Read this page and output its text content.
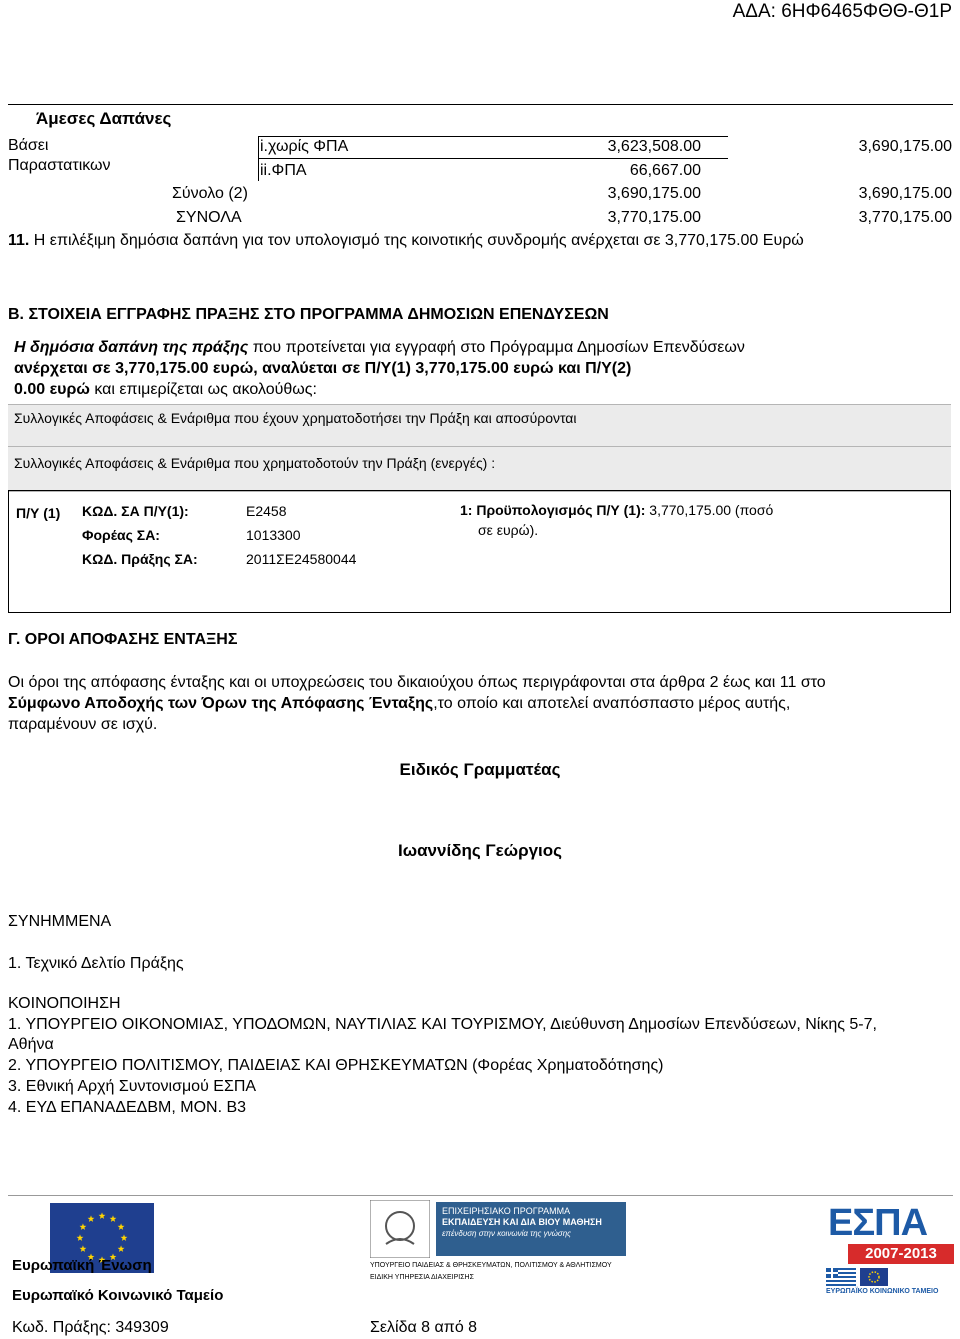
ΑΔΑ: 6ΗΦ6465ΦΘΘ-Θ1Ρ
Άμεσες Δαπάνες
Βάσει
Παραστατικων
i.χωρίς ΦΠΑ	3,623,508.00	3,690,175.00
ii.ΦΠΑ	66,667.00
Σύνολο (2)	3,690,175.00	3,690,175.00
ΣΥΝΟΛΑ	3,770,175.00	3,770,175.00
11. Η επιλέξιμη δημόσια δαπάνη για τον υπολογισμό της κοινοτικής συνδρομής ανέρχεται σε 3,770,175.00 Ευρώ
Β. ΣΤΟΙΧΕΙΑ ΕΓΓΡΑΦΗΣ ΠΡΑΞΗΣ ΣΤΟ ΠΡΟΓΡΑΜΜΑ ΔΗΜΟΣΙΩΝ ΕΠΕΝΔΥΣΕΩΝ
Η δημόσια δαπάνη της πράξης που προτείνεται για εγγραφή στο Πρόγραμμα Δημοσίων Επενδύσεων
ανέρχεται σε 3,770,175.00 ευρώ, αναλύεται σε Π/Υ(1) 3,770,175.00 ευρώ και Π/Υ(2)
0.00 ευρώ και επιμερίζεται ως ακολούθως:
Συλλογικές Αποφάσεις & Ενάριθμα που έχουν χρηματοδοτήσει την Πράξη και αποσύρονται
Συλλογικές Αποφάσεις & Ενάριθμα που χρηματοδοτούν την Πράξη (ενεργές) :
Π/Υ (1) ΚΩΔ. ΣΑ Π/Υ(1):	Ε2458
Φορέας ΣΑ:	1013300
ΚΩΔ. Πράξης ΣΑ:	2011ΣΕ24580044
1: Προϋπολογισμός Π/Υ (1): 3,770,175.00 (ποσό
σε ευρώ).
Γ. ΟΡΟΙ ΑΠΟΦΑΣΗΣ ΕΝΤΑΞΗΣ
Οι όροι της απόφασης ένταξης και οι υποχρεώσεις του δικαιούχου όπως περιγράφονται στα άρθρα 2 έως και 11 στο
Σύμφωνο Αποδοχής των Όρων της Απόφασης Ένταξης,το οποίο και αποτελεί αναπόσπαστο μέρος αυτής,
παραμένουν σε ισχύ.
Ειδικός Γραμματέας
Ιωαννίδης Γεώργιος
ΣΥΝΗΜΜΕΝΑ
1. Τεχνικό Δελτίο Πράξης
ΚΟΙΝΟΠΟΙΗΣΗ
1. ΥΠΟΥΡΓΕΙΟ ΟΙΚΟΝΟΜΙΑΣ, ΥΠΟΔΟΜΩΝ, ΝΑΥΤΙΛΙΑΣ ΚΑΙ ΤΟΥΡΙΣΜΟΥ, Διεύθυνση Δημοσίων Επενδύσεων, Νίκης 5-7,
Αθήνα
2. ΥΠΟΥΡΓΕΙΟ ΠΟΛΙΤΙΣΜΟΥ, ΠΑΙΔΕΙΑΣ ΚΑΙ ΘΡΗΣΚΕΥΜΑΤΩΝ (Φορέας Χρηματοδότησης)
3. Εθνική Αρχή Συντονισμού ΕΣΠΑ
4. ΕΥΔ ΕΠΑΝΑΔΕΔΒΜ, ΜΟΝ. Β3
Ευρωπαϊκή Ένωση
Ευρωπαϊκό Κοινωνικό Ταμείο
Κωδ. Πράξης: 349309	Σελίδα 8 από 8
ΕΠΙΧΕΙΡΗΣΙΑΚΟ ΠΡΟΓΡΑΜΜΑ
ΕΚΠΑΙΔΕΥΣΗ ΚΑΙ ΔΙΑ ΒΙΟΥ ΜΑΘΗΣΗ
επένδυση στην κοινωνία της γνώσης
ΥΠΟΥΡΓΕΙΟ ΠΑΙΔΕΙΑΣ & ΘΡΗΣΚΕΥΜΑΤΩΝ, ΠΟΛΙΤΙΣΜΟΥ & ΑΘΛΗΤΙΣΜΟΥ
ΕΙΔΙΚΗ ΥΠΗΡΕΣΙΑ ΔΙΑΧΕΙΡΙΣΗΣ
ΕΣΠΑ
2007-2013
ΕΥΡΩΠΑΪΚΟ ΚΟΙΝΩΝΙΚΟ ΤΑΜΕΙΟ
